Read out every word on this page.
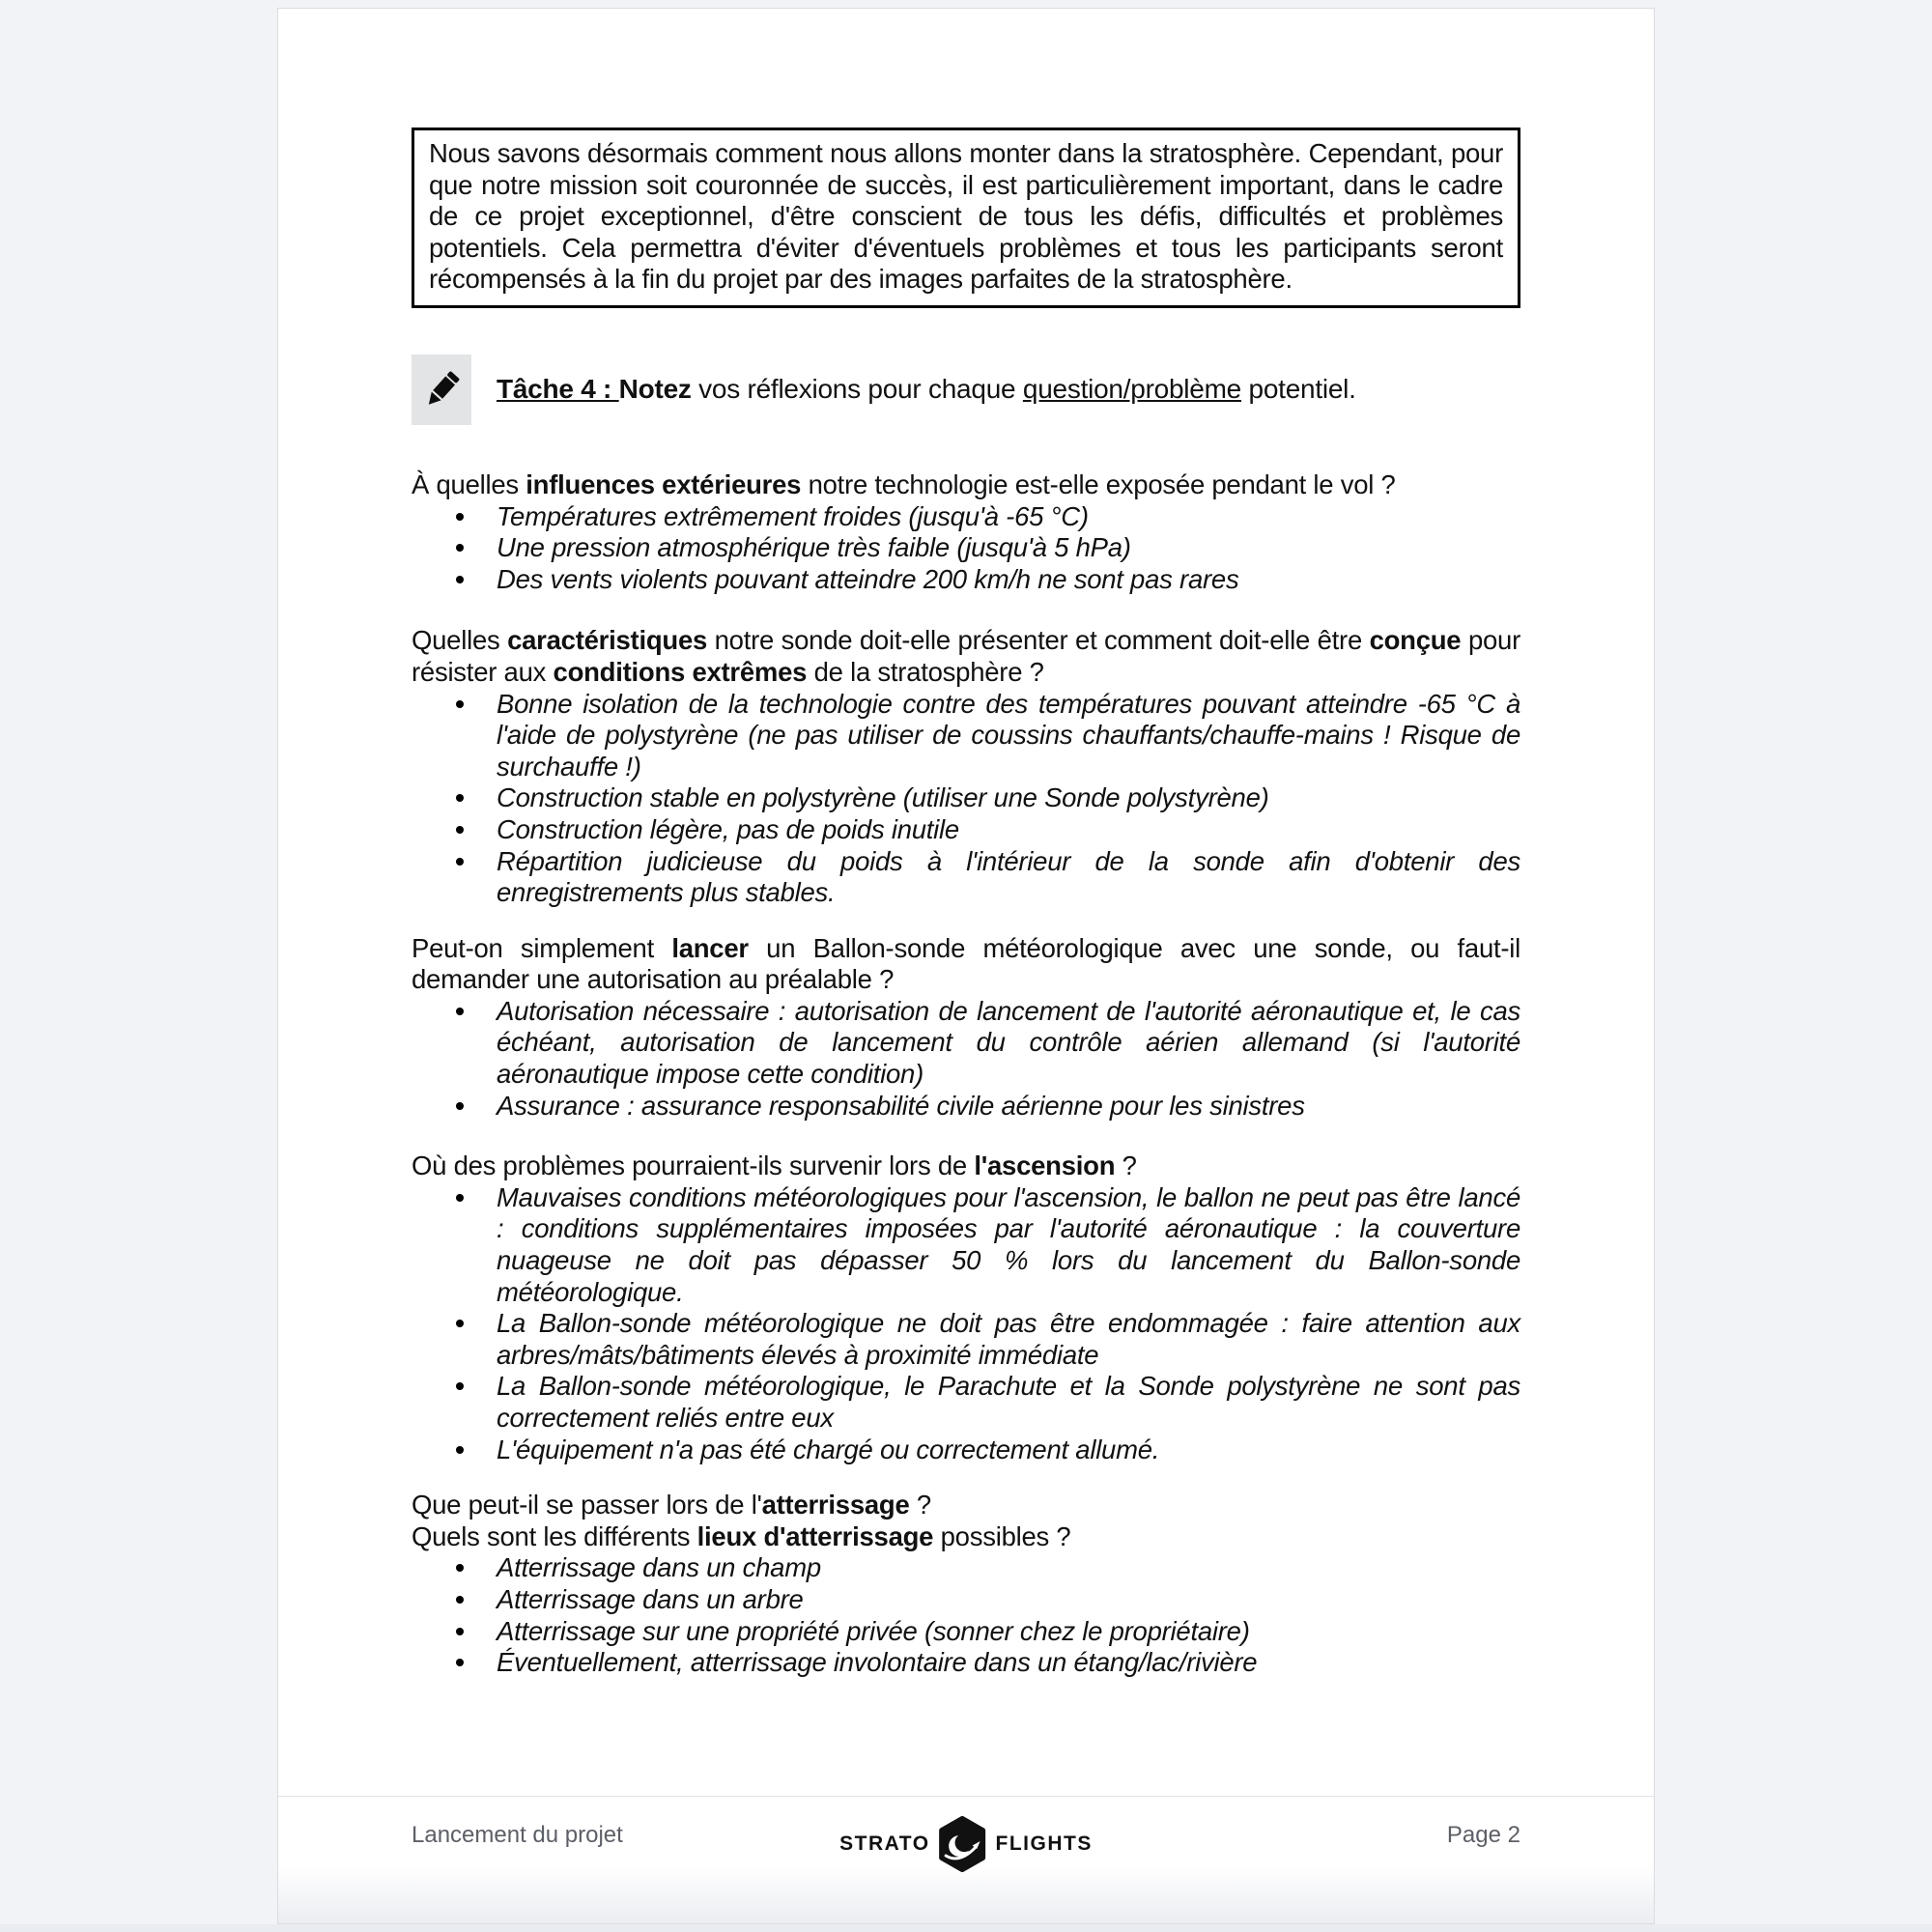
Nous savons désormais comment nous allons monter dans la stratosphère. Cependant, pour que notre mission soit couronnée de succès, il est particulièrement important, dans le cadre de ce projet exceptionnel, d'être conscient de tous les défis, difficultés et problèmes potentiels. Cela permettra d'éviter d'éventuels problèmes et tous les participants seront récompensés à la fin du projet par des images parfaites de la stratosphère.

Tâche 4 : Notez vos réflexions pour chaque question/problème potentiel.

À quelles influences extérieures notre technologie est-elle exposée pendant le vol ?

Températures extrêmement froides (jusqu'à -65 °C)
Une pression atmosphérique très faible (jusqu'à 5 hPa)
Des vents violents pouvant atteindre 200 km/h ne sont pas rares

Quelles caractéristiques notre sonde doit-elle présenter et comment doit-elle être conçue pour résister aux conditions extrêmes de la stratosphère ?

Bonne isolation de la technologie contre des températures pouvant atteindre -65 °C à l'aide de polystyrène (ne pas utiliser de coussins chauffants/chauffe-mains ! Risque de surchauffe !)
Construction stable en polystyrène (utiliser une Sonde polystyrène)
Construction légère, pas de poids inutile
Répartition judicieuse du poids à l'intérieur de la sonde afin d'obtenir des enregistrements plus stables.

Peut-on simplement lancer un Ballon-sonde météorologique avec une sonde, ou faut-il demander une autorisation au préalable ?

Autorisation nécessaire : autorisation de lancement de l'autorité aéronautique et, le cas échéant, autorisation de lancement du contrôle aérien allemand (si l'autorité aéronautique impose cette condition)
Assurance : assurance responsabilité civile aérienne pour les sinistres

Où des problèmes pourraient-ils survenir lors de l'ascension ?

Mauvaises conditions météorologiques pour l'ascension, le ballon ne peut pas être lancé : conditions supplémentaires imposées par l'autorité aéronautique : la couverture nuageuse ne doit pas dépasser 50 % lors du lancement du Ballon-sonde météorologique.
La Ballon-sonde météorologique ne doit pas être endommagée : faire attention aux arbres/mâts/bâtiments élevés à proximité immédiate
La Ballon-sonde météorologique, le Parachute et la Sonde polystyrène ne sont pas correctement reliés entre eux
L'équipement n'a pas été chargé ou correctement allumé.

Que peut-il se passer lors de l'atterrissage ?

Quels sont les différents lieux d'atterrissage possibles ?

Atterrissage dans un champ
Atterrissage dans un arbre
Atterrissage sur une propriété privée (sonner chez le propriétaire)
Éventuellement, atterrissage involontaire dans un étang/lac/rivière
Lancement du projet	STRATO	FLIGHTS	Page 2
